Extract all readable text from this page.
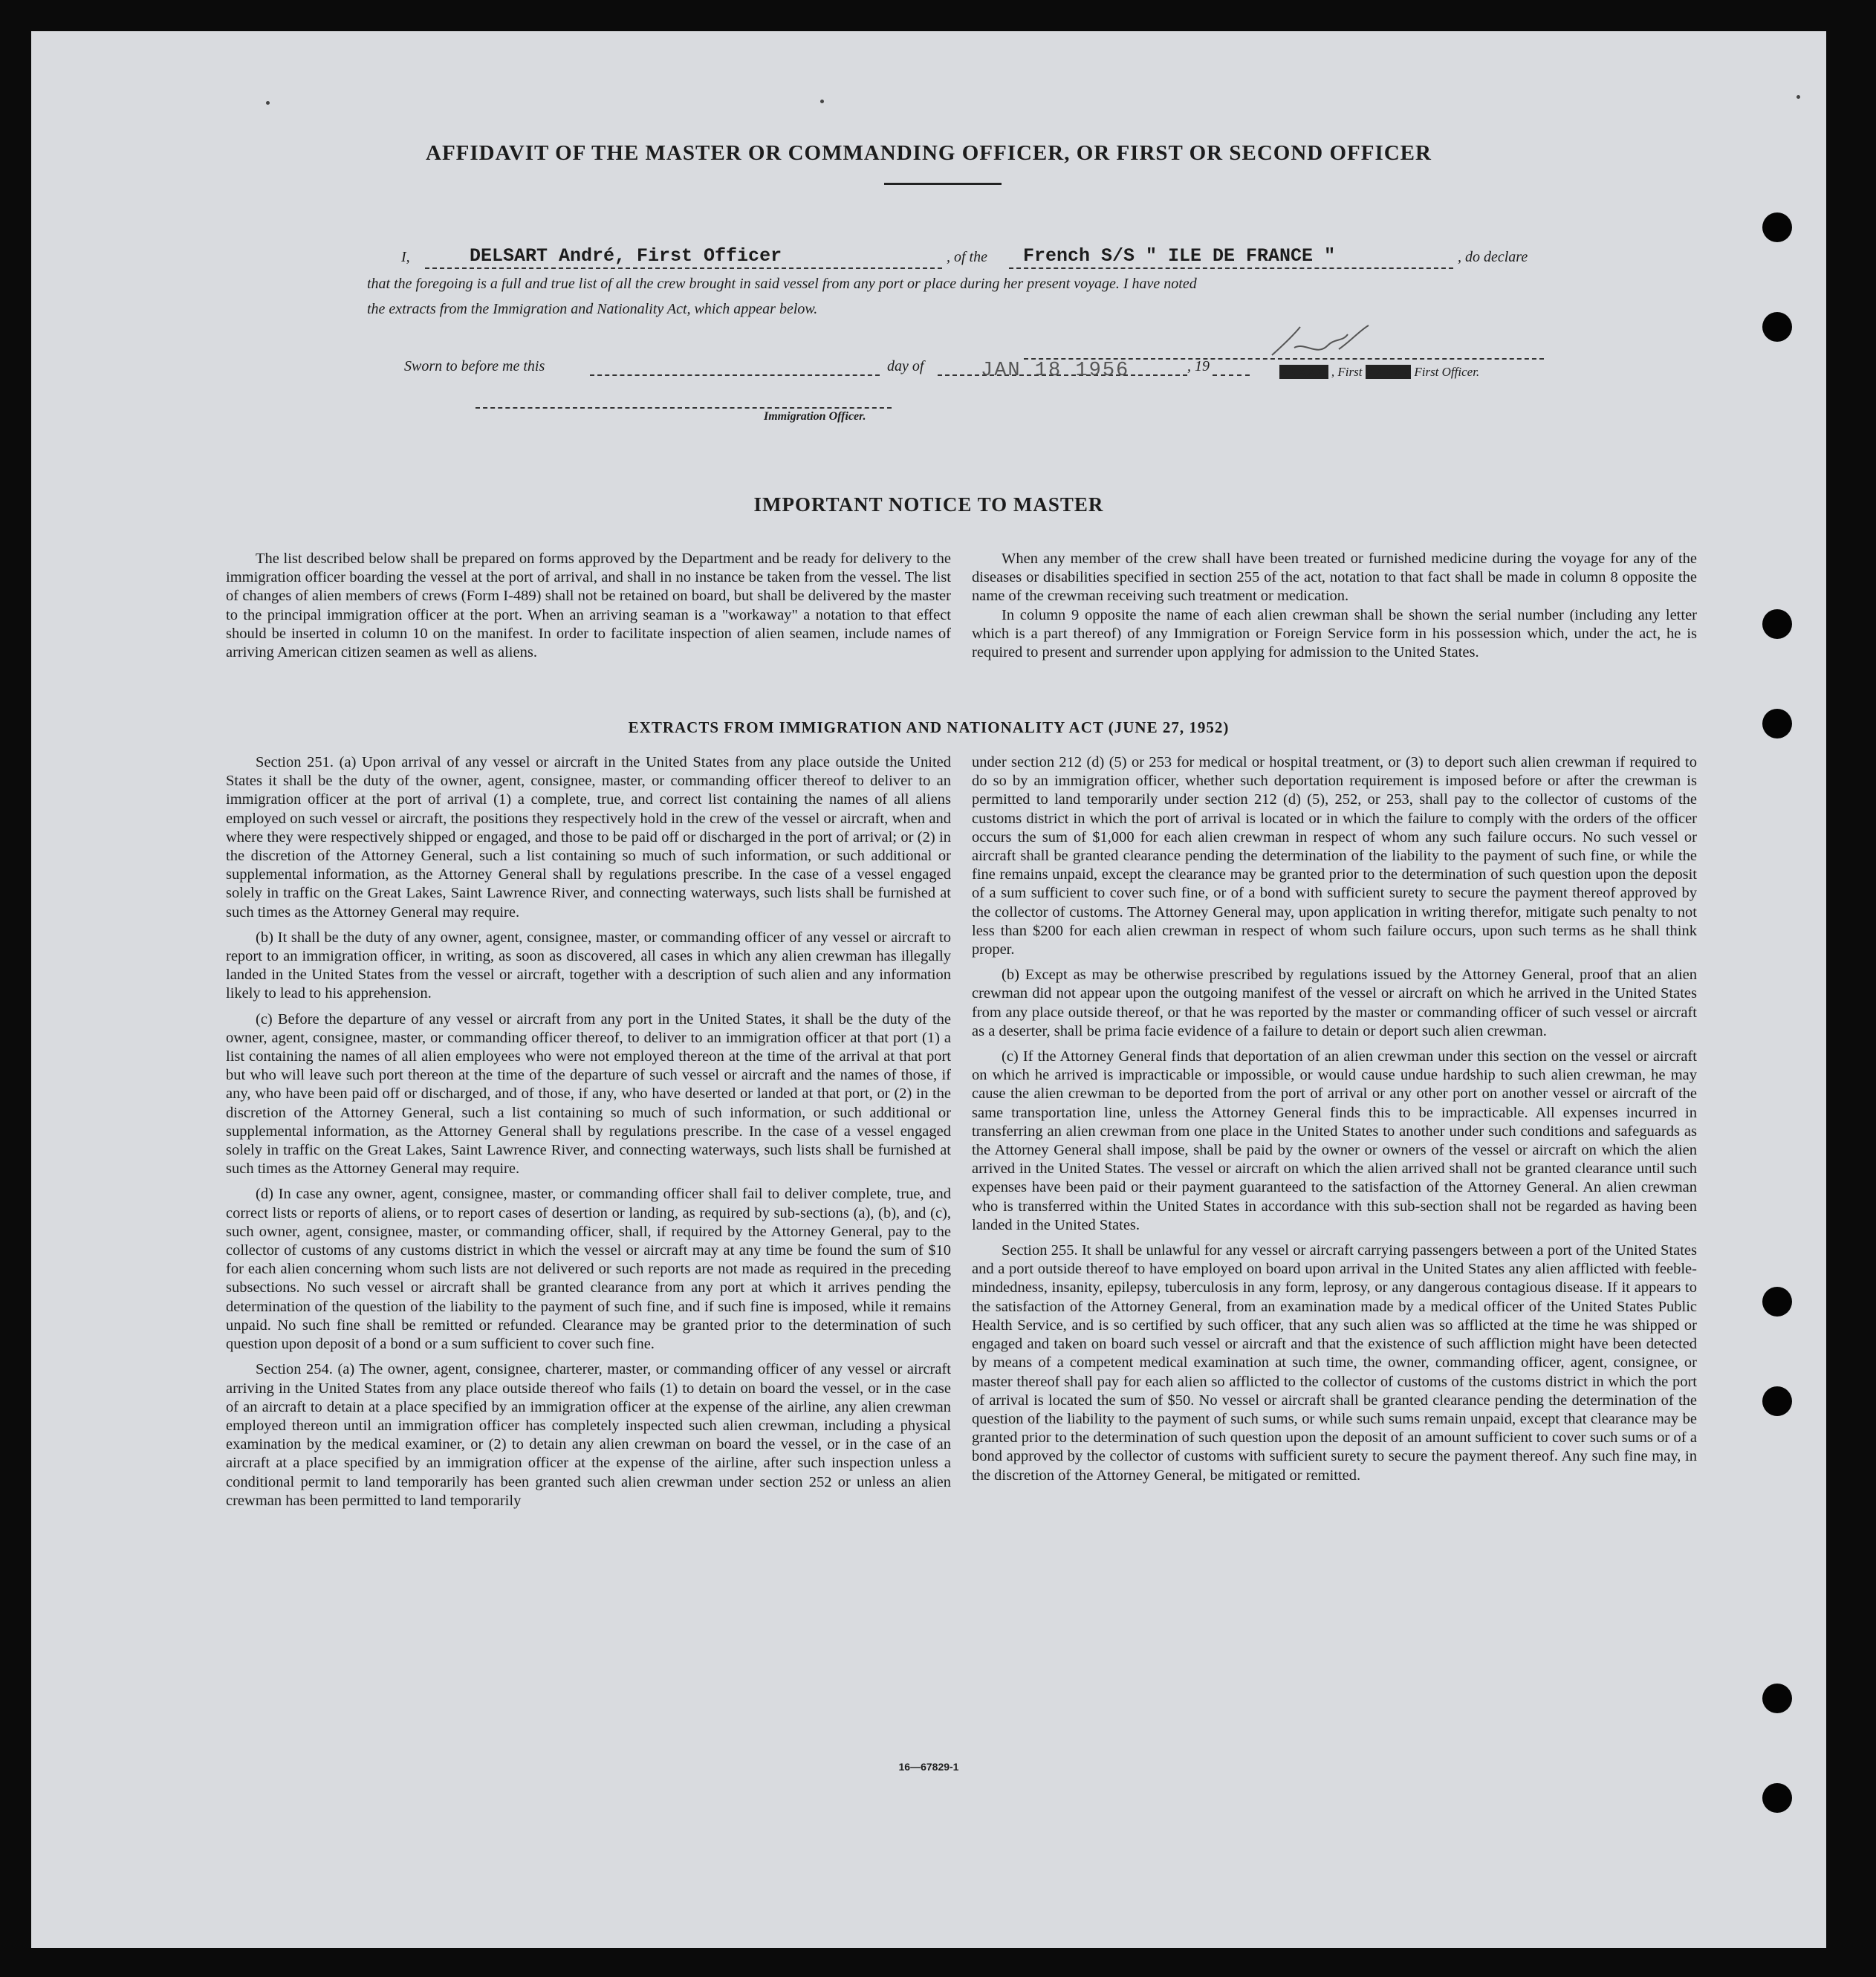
AFFIDAVIT OF THE MASTER OR COMMANDING OFFICER, OR FIRST OR SECOND OFFICER
I,	DELSART André, First Officer	, of the French S/S " ILE DE FRANCE "	, do declare
that the foregoing is a full and true list of all the crew brought in said vessel from any port or place during her present voyage. I have noted
the extracts from the Immigration and Nationality Act, which appear below.
XXXXX, , First XXXXX First Officer.
Sworn to before me this	day of	JAN 18 1956	, 19
Immigration Officer.
IMPORTANT NOTICE TO MASTER

The list described below shall be prepared on forms approved by the Department and be ready for delivery to the immigration officer boarding the vessel at the port of arrival, and shall in no instance be taken from the vessel. The list of changes of alien members of crews (Form I-489) shall not be retained on board, but shall be delivered by the master to the principal immigration officer at the port. When an arriving seaman is a "workaway" a notation to that effect should be inserted in column 10 on the manifest. In order to facilitate inspection of alien seamen, include names of arriving American citizen seamen as well as aliens.

When any member of the crew shall have been treated or furnished medicine during the voyage for any of the diseases or disabilities specified in section 255 of the act, notation to that fact shall be made in column 8 opposite the name of the crewman receiving such treatment or medication.

In column 9 opposite the name of each alien crewman shall be shown the serial number (including any letter which is a part thereof) of any Immigration or Foreign Service form in his possession which, under the act, he is required to present and surrender upon applying for admission to the United States.

EXTRACTS FROM IMMIGRATION AND NATIONALITY ACT (JUNE 27, 1952)

Section 251. (a) Upon arrival of any vessel or aircraft in the United States from any place outside the United States it shall be the duty of the owner, agent, consignee, master, or commanding officer thereof to deliver to an immigration officer at the port of arrival (1) a complete, true, and correct list containing the names of all aliens employed on such vessel or aircraft, the positions they respectively hold in the crew of the vessel or aircraft, when and where they were respectively shipped or engaged, and those to be paid off or discharged in the port of arrival; or (2) in the discretion of the Attorney General, such a list containing so much of such information, or such additional or supplemental information, as the Attorney General shall by regulations prescribe. In the case of a vessel engaged solely in traffic on the Great Lakes, Saint Lawrence River, and connecting waterways, such lists shall be furnished at such times as the Attorney General may require.

(b) It shall be the duty of any owner, agent, consignee, master, or commanding officer of any vessel or aircraft to report to an immigration officer, in writing, as soon as discovered, all cases in which any alien crewman has illegally landed in the United States from the vessel or aircraft, together with a description of such alien and any information likely to lead to his apprehension.

(c) Before the departure of any vessel or aircraft from any port in the United States, it shall be the duty of the owner, agent, consignee, master, or commanding officer thereof, to deliver to an immigration officer at that port (1) a list containing the names of all alien employees who were not employed thereon at the time of the arrival at that port but who will leave such port thereon at the time of the departure of such vessel or aircraft and the names of those, if any, who have been paid off or discharged, and of those, if any, who have deserted or landed at that port, or (2) in the discretion of the Attorney General, such a list containing so much of such information, or such additional or supplemental information, as the Attorney General shall by regulations prescribe. In the case of a vessel engaged solely in traffic on the Great Lakes, Saint Lawrence River, and connecting waterways, such lists shall be furnished at such times as the Attorney General may require.

(d) In case any owner, agent, consignee, master, or commanding officer shall fail to deliver complete, true, and correct lists or reports of aliens, or to report cases of desertion or landing, as required by sub-sections (a), (b), and (c), such owner, agent, consignee, master, or commanding officer, shall, if required by the Attorney General, pay to the collector of customs of any customs district in which the vessel or aircraft may at any time be found the sum of $10 for each alien concerning whom such lists are not delivered or such reports are not made as required in the preceding subsections. No such vessel or aircraft shall be granted clearance from any port at which it arrives pending the determination of the question of the liability to the payment of such fine, and if such fine is imposed, while it remains unpaid. No such fine shall be remitted or refunded. Clearance may be granted prior to the determination of such question upon deposit of a bond or a sum sufficient to cover such fine.

Section 254. (a) The owner, agent, consignee, charterer, master, or commanding officer of any vessel or aircraft arriving in the United States from any place outside thereof who fails (1) to detain on board the vessel, or in the case of an aircraft to detain at a place specified by an immigration officer at the expense of the airline, any alien crewman employed thereon until an immigration officer has completely inspected such alien crewman, including a physical examination by the medical examiner, or (2) to detain any alien crewman on board the vessel, or in the case of an aircraft at a place specified by an immigration officer at the expense of the airline, after such inspection unless a conditional permit to land temporarily has been granted such alien crewman under section 252 or unless an alien crewman has been permitted to land temporarily

under section 212 (d) (5) or 253 for medical or hospital treatment, or (3) to deport such alien crewman if required to do so by an immigration officer, whether such deportation requirement is imposed before or after the crewman is permitted to land temporarily under section 212 (d) (5), 252, or 253, shall pay to the collector of customs of the customs district in which the port of arrival is located or in which the failure to comply with the orders of the officer occurs the sum of $1,000 for each alien crewman in respect of whom any such failure occurs. No such vessel or aircraft shall be granted clearance pending the determination of the liability to the payment of such fine, or while the fine remains unpaid, except the clearance may be granted prior to the determination of such question upon the deposit of a sum sufficient to cover such fine, or of a bond with sufficient surety to secure the payment thereof approved by the collector of customs. The Attorney General may, upon application in writing therefor, mitigate such penalty to not less than $200 for each alien crewman in respect of whom such failure occurs, upon such terms as he shall think proper.

(b) Except as may be otherwise prescribed by regulations issued by the Attorney General, proof that an alien crewman did not appear upon the outgoing manifest of the vessel or aircraft on which he arrived in the United States from any place outside thereof, or that he was reported by the master or commanding officer of such vessel or aircraft as a deserter, shall be prima facie evidence of a failure to detain or deport such alien crewman.

(c) If the Attorney General finds that deportation of an alien crewman under this section on the vessel or aircraft on which he arrived is impracticable or impossible, or would cause undue hardship to such alien crewman, he may cause the alien crewman to be deported from the port of arrival or any other port on another vessel or aircraft of the same transportation line, unless the Attorney General finds this to be impracticable. All expenses incurred in transferring an alien crewman from one place in the United States to another under such conditions and safeguards as the Attorney General shall impose, shall be paid by the owner or owners of the vessel or aircraft on which the alien arrived in the United States. The vessel or aircraft on which the alien arrived shall not be granted clearance until such expenses have been paid or their payment guaranteed to the satisfaction of the Attorney General. An alien crewman who is transferred within the United States in accordance with this sub-section shall not be regarded as having been landed in the United States.

Section 255. It shall be unlawful for any vessel or aircraft carrying passengers between a port of the United States and a port outside thereof to have employed on board upon arrival in the United States any alien afflicted with feeble-mindedness, insanity, epilepsy, tuberculosis in any form, leprosy, or any dangerous contagious disease. If it appears to the satisfaction of the Attorney General, from an examination made by a medical officer of the United States Public Health Service, and is so certified by such officer, that any such alien was so afflicted at the time he was shipped or engaged and taken on board such vessel or aircraft and that the existence of such affliction might have been detected by means of a competent medical examination at such time, the owner, commanding officer, agent, consignee, or master thereof shall pay for each alien so afflicted to the collector of customs of the customs district in which the port of arrival is located the sum of $50. No vessel or aircraft shall be granted clearance pending the determination of the question of the liability to the payment of such sums, or while such sums remain unpaid, except that clearance may be granted prior to the determination of such question upon the deposit of an amount sufficient to cover such sums or of a bond approved by the collector of customs with sufficient surety to secure the payment thereof. Any such fine may, in the discretion of the Attorney General, be mitigated or remitted.

16—67829-1
